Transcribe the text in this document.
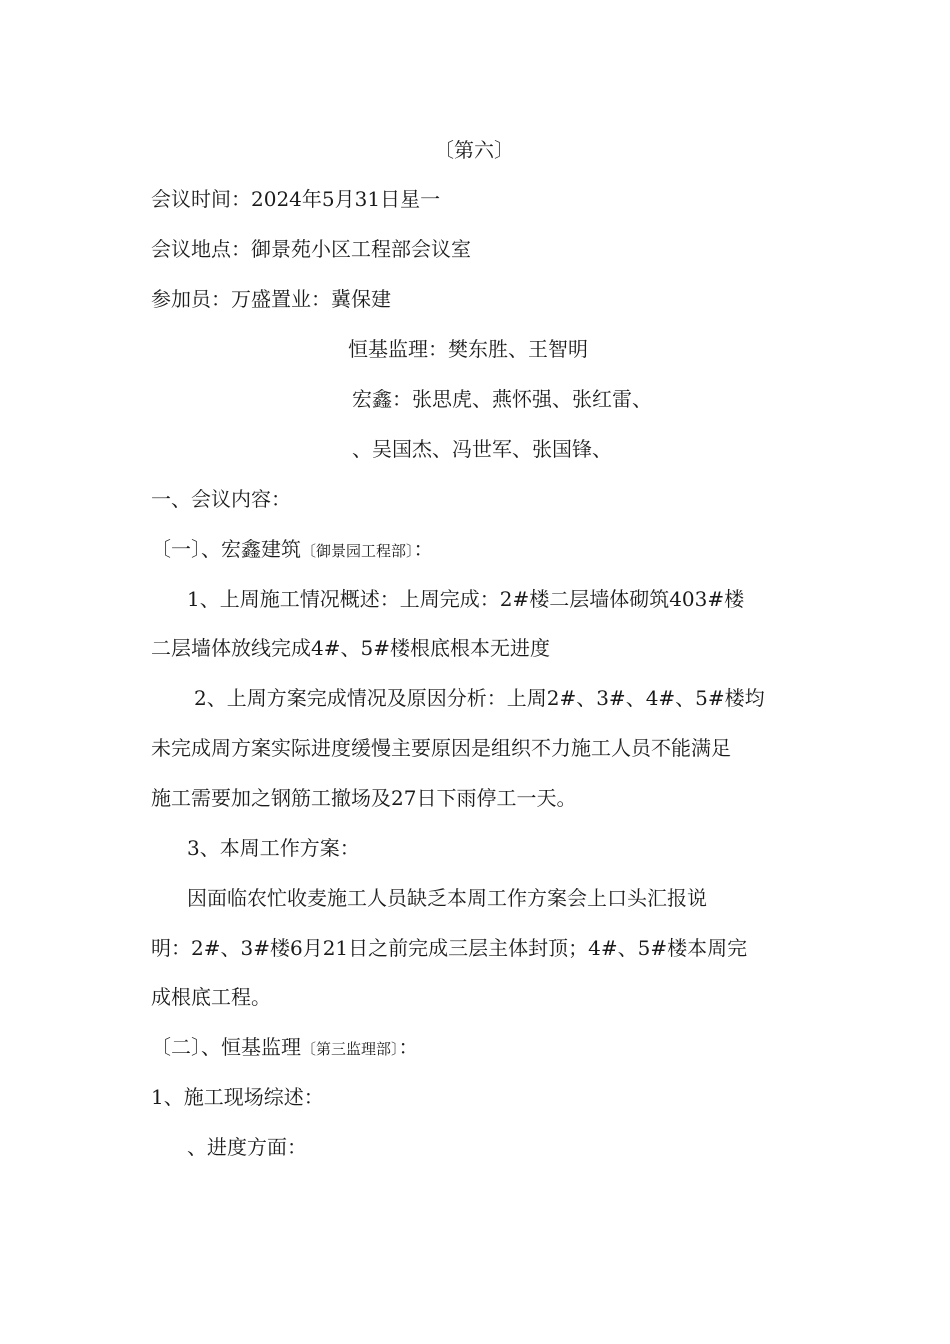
〔第六〕
会议时间：2024年5月31日星一
会议地点：御景苑小区工程部会议室
参加员：万盛置业：冀保建
恒基监理：樊东胜、王智明
宏鑫：张思虎、燕怀强、张红雷、
、吴国杰、冯世军、张国锋、
一、会议内容：
〔一〕、宏鑫建筑〔御景园工程部〕：
1、上周施工情况概述：上周完成：2#楼二层墙体砌筑403#楼
二层墙体放线完成4#、5#楼根底根本无进度
2、上周方案完成情况及原因分析：上周2#、3#、4#、5#楼均
未完成周方案实际进度缓慢主要原因是组织不力施工人员不能满足
施工需要加之钢筋工撤场及27日下雨停工一天。
3、本周工作方案：
因面临农忙收麦施工人员缺乏本周工作方案会上口头汇报说
明：2#、3#楼6月21日之前完成三层主体封顶；4#、5#楼本周完
成根底工程。
〔二〕、恒基监理〔第三监理部〕：
1、施工现场综述：
、进度方面：
